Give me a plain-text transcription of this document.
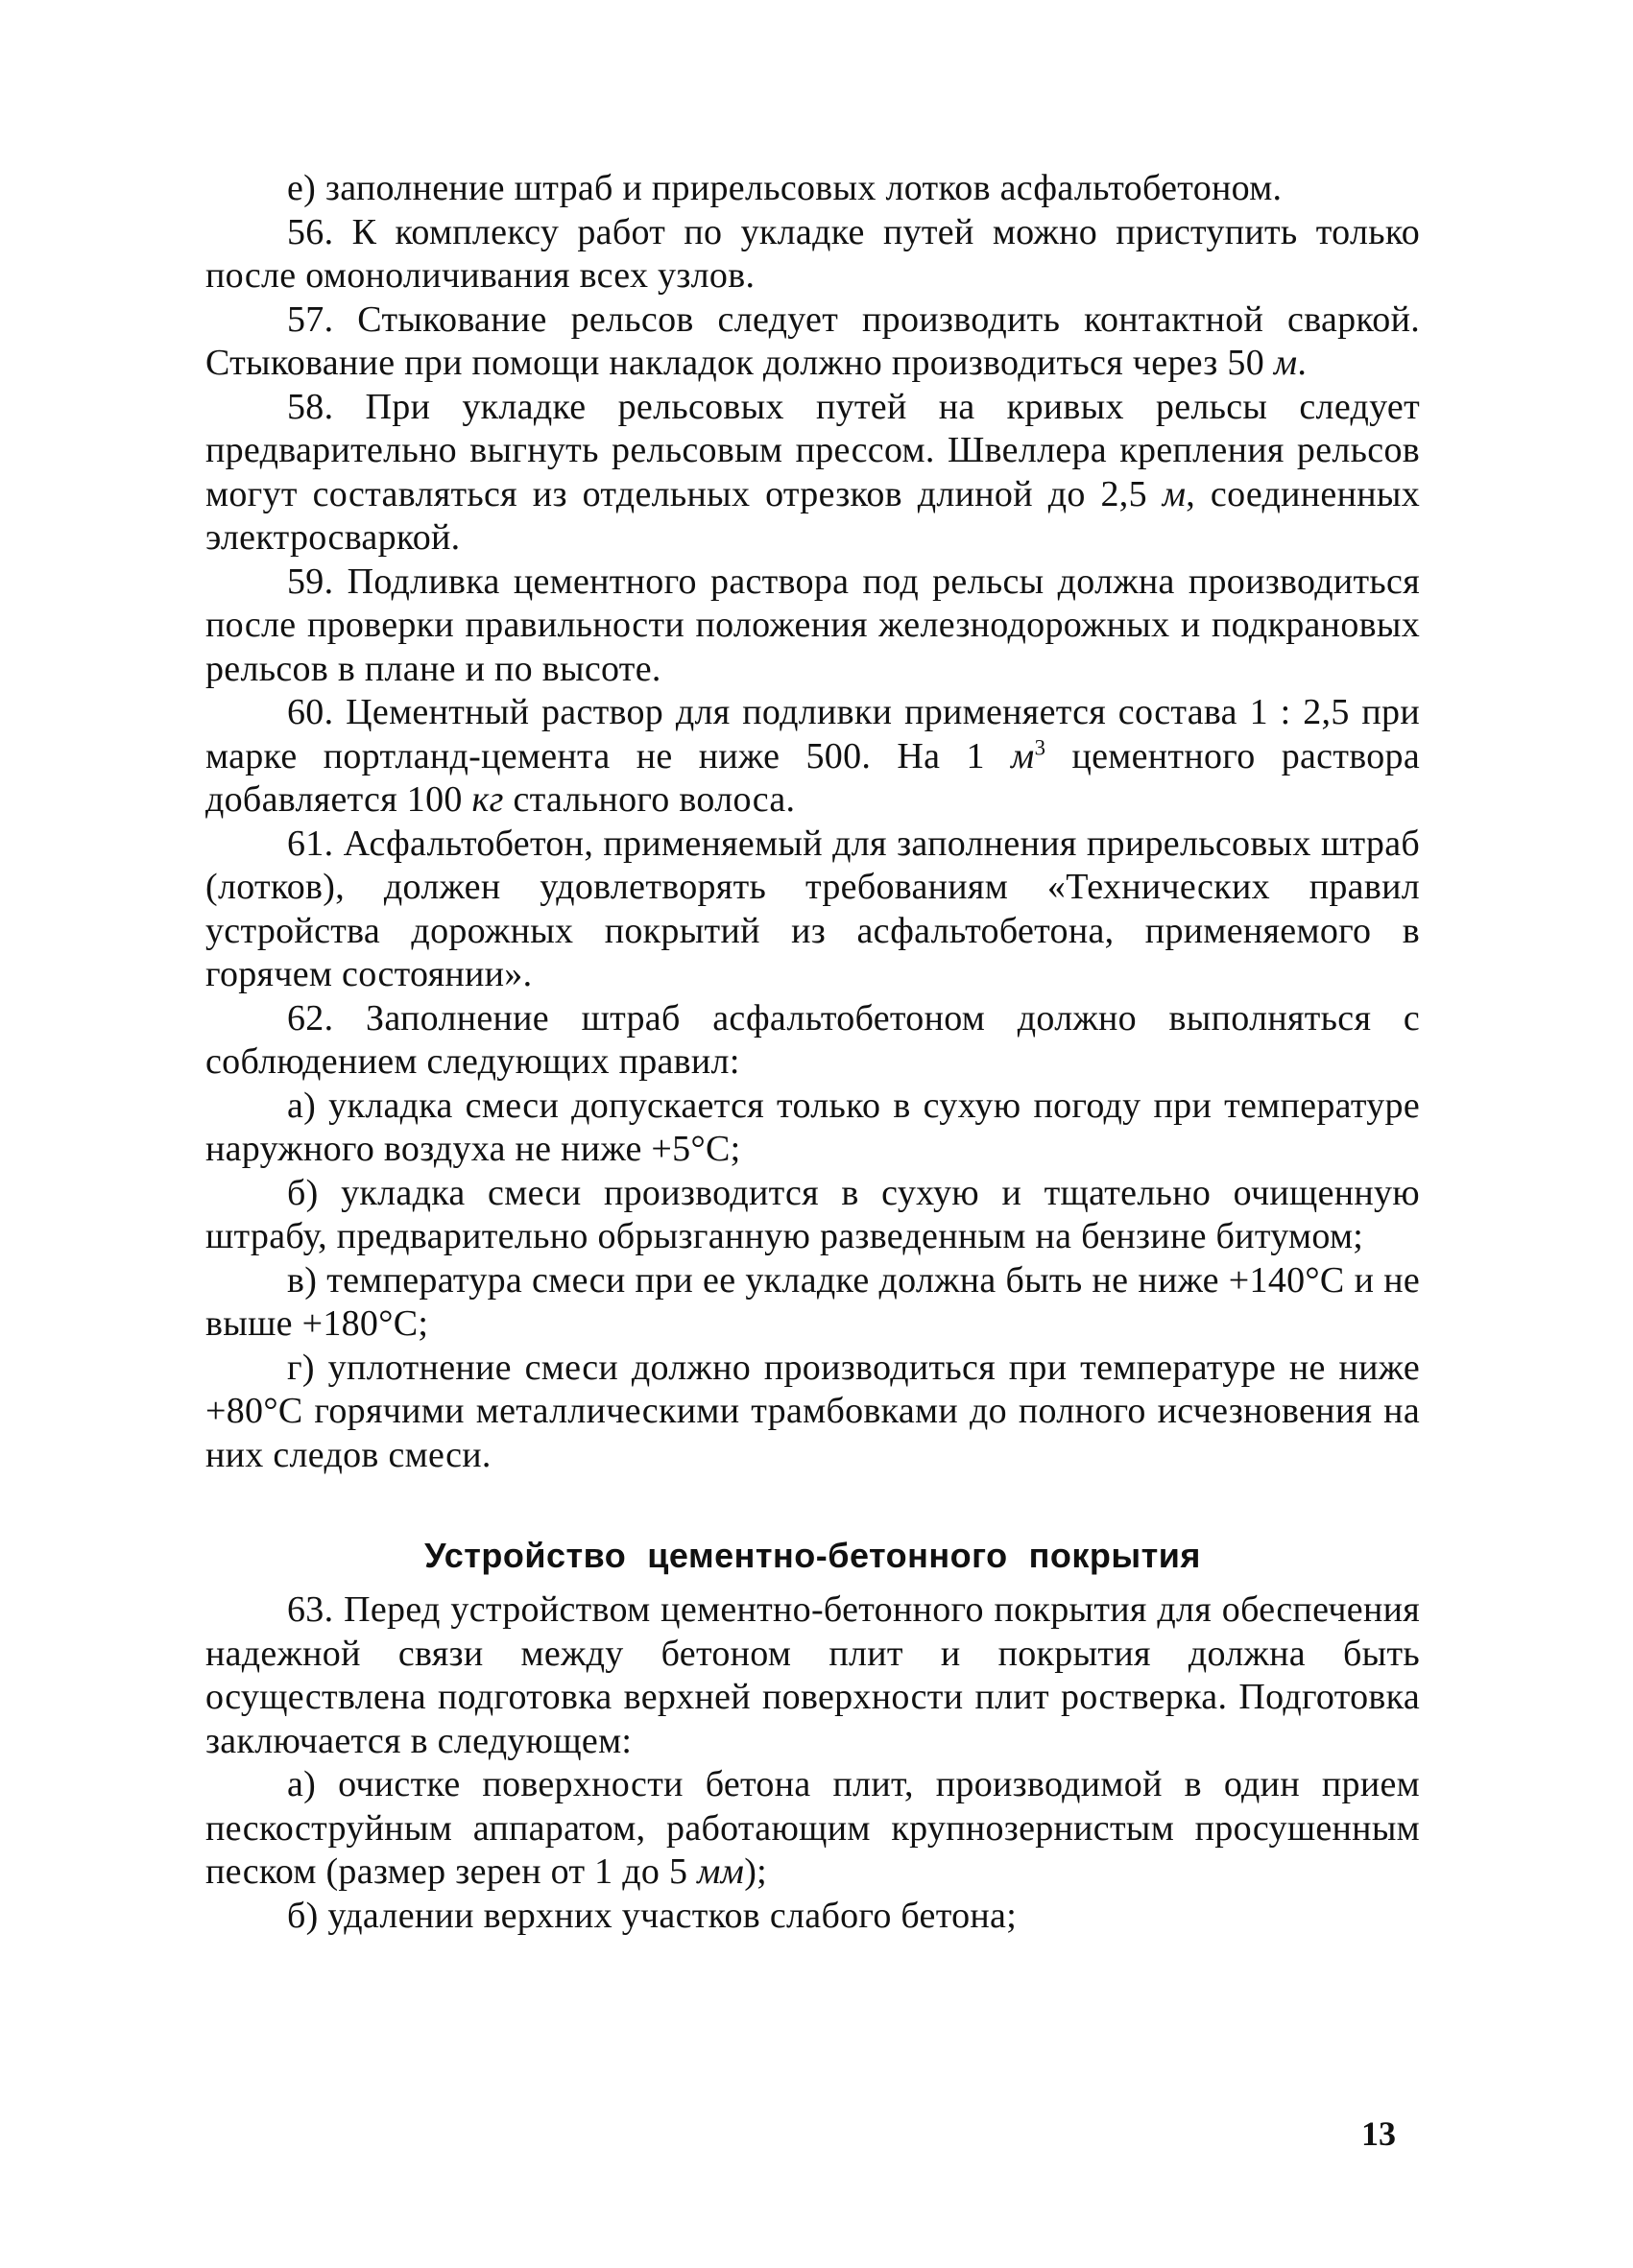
е) заполнение штраб и прирельсовых лотков асфальтобетоном.

56. К комплексу работ по укладке путей можно приступить только после омоноличивания всех узлов.

57. Стыкование рельсов следует производить контактной сваркой. Стыкование при помощи накладок должно производиться через 50 м.

58. При укладке рельсовых путей на кривых рельсы следует предварительно выгнуть рельсовым прессом. Швеллера крепления рельсов могут составляться из отдельных отрезков длиной до 2,5 м, соединенных электросваркой.

59. Подливка цементного раствора под рельсы должна производиться после проверки правильности положения железнодорожных и подкрановых рельсов в плане и по высоте.

60. Цементный раствор для подливки применяется состава 1 : 2,5 при марке портланд-цемента не ниже 500. На 1 $м^3$ цементного раствора добавляется 100 кг стального волоса.

61. Асфальтобетон, применяемый для заполнения прирельсовых штраб (лотков), должен удовлетворять требованиям «Технических правил устройства дорожных покрытий из асфальтобетона, применяемого в горячем состоянии».

62. Заполнение штраб асфальтобетоном должно выполняться с соблюдением следующих правил:

а) укладка смеси допускается только в сухую погоду при температуре наружного воздуха не ниже +5°С;

б) укладка смеси производится в сухую и тщательно очищенную штрабу, предварительно обрызганную разведенным на бензине битумом;

в) температура смеси при ее укладке должна быть не ниже +140°С и не выше +180°С;

г) уплотнение смеси должно производиться при температуре не ниже +80°С горячими металлическими трамбовками до полного исчезновения на них следов смеси.

Устройство цементно-бетонного покрытия

63. Перед устройством цементно-бетонного покрытия для обеспечения надежной связи между бетоном плит и покрытия должна быть осуществлена подготовка верхней поверхности плит ростверка. Подготовка заключается в следующем:

а) очистке поверхности бетона плит, производимой в один прием пескоструйным аппаратом, работающим крупнозернистым просушенным песком (размер зерен от 1 до 5 мм);

б) удалении верхних участков слабого бетона;

13
